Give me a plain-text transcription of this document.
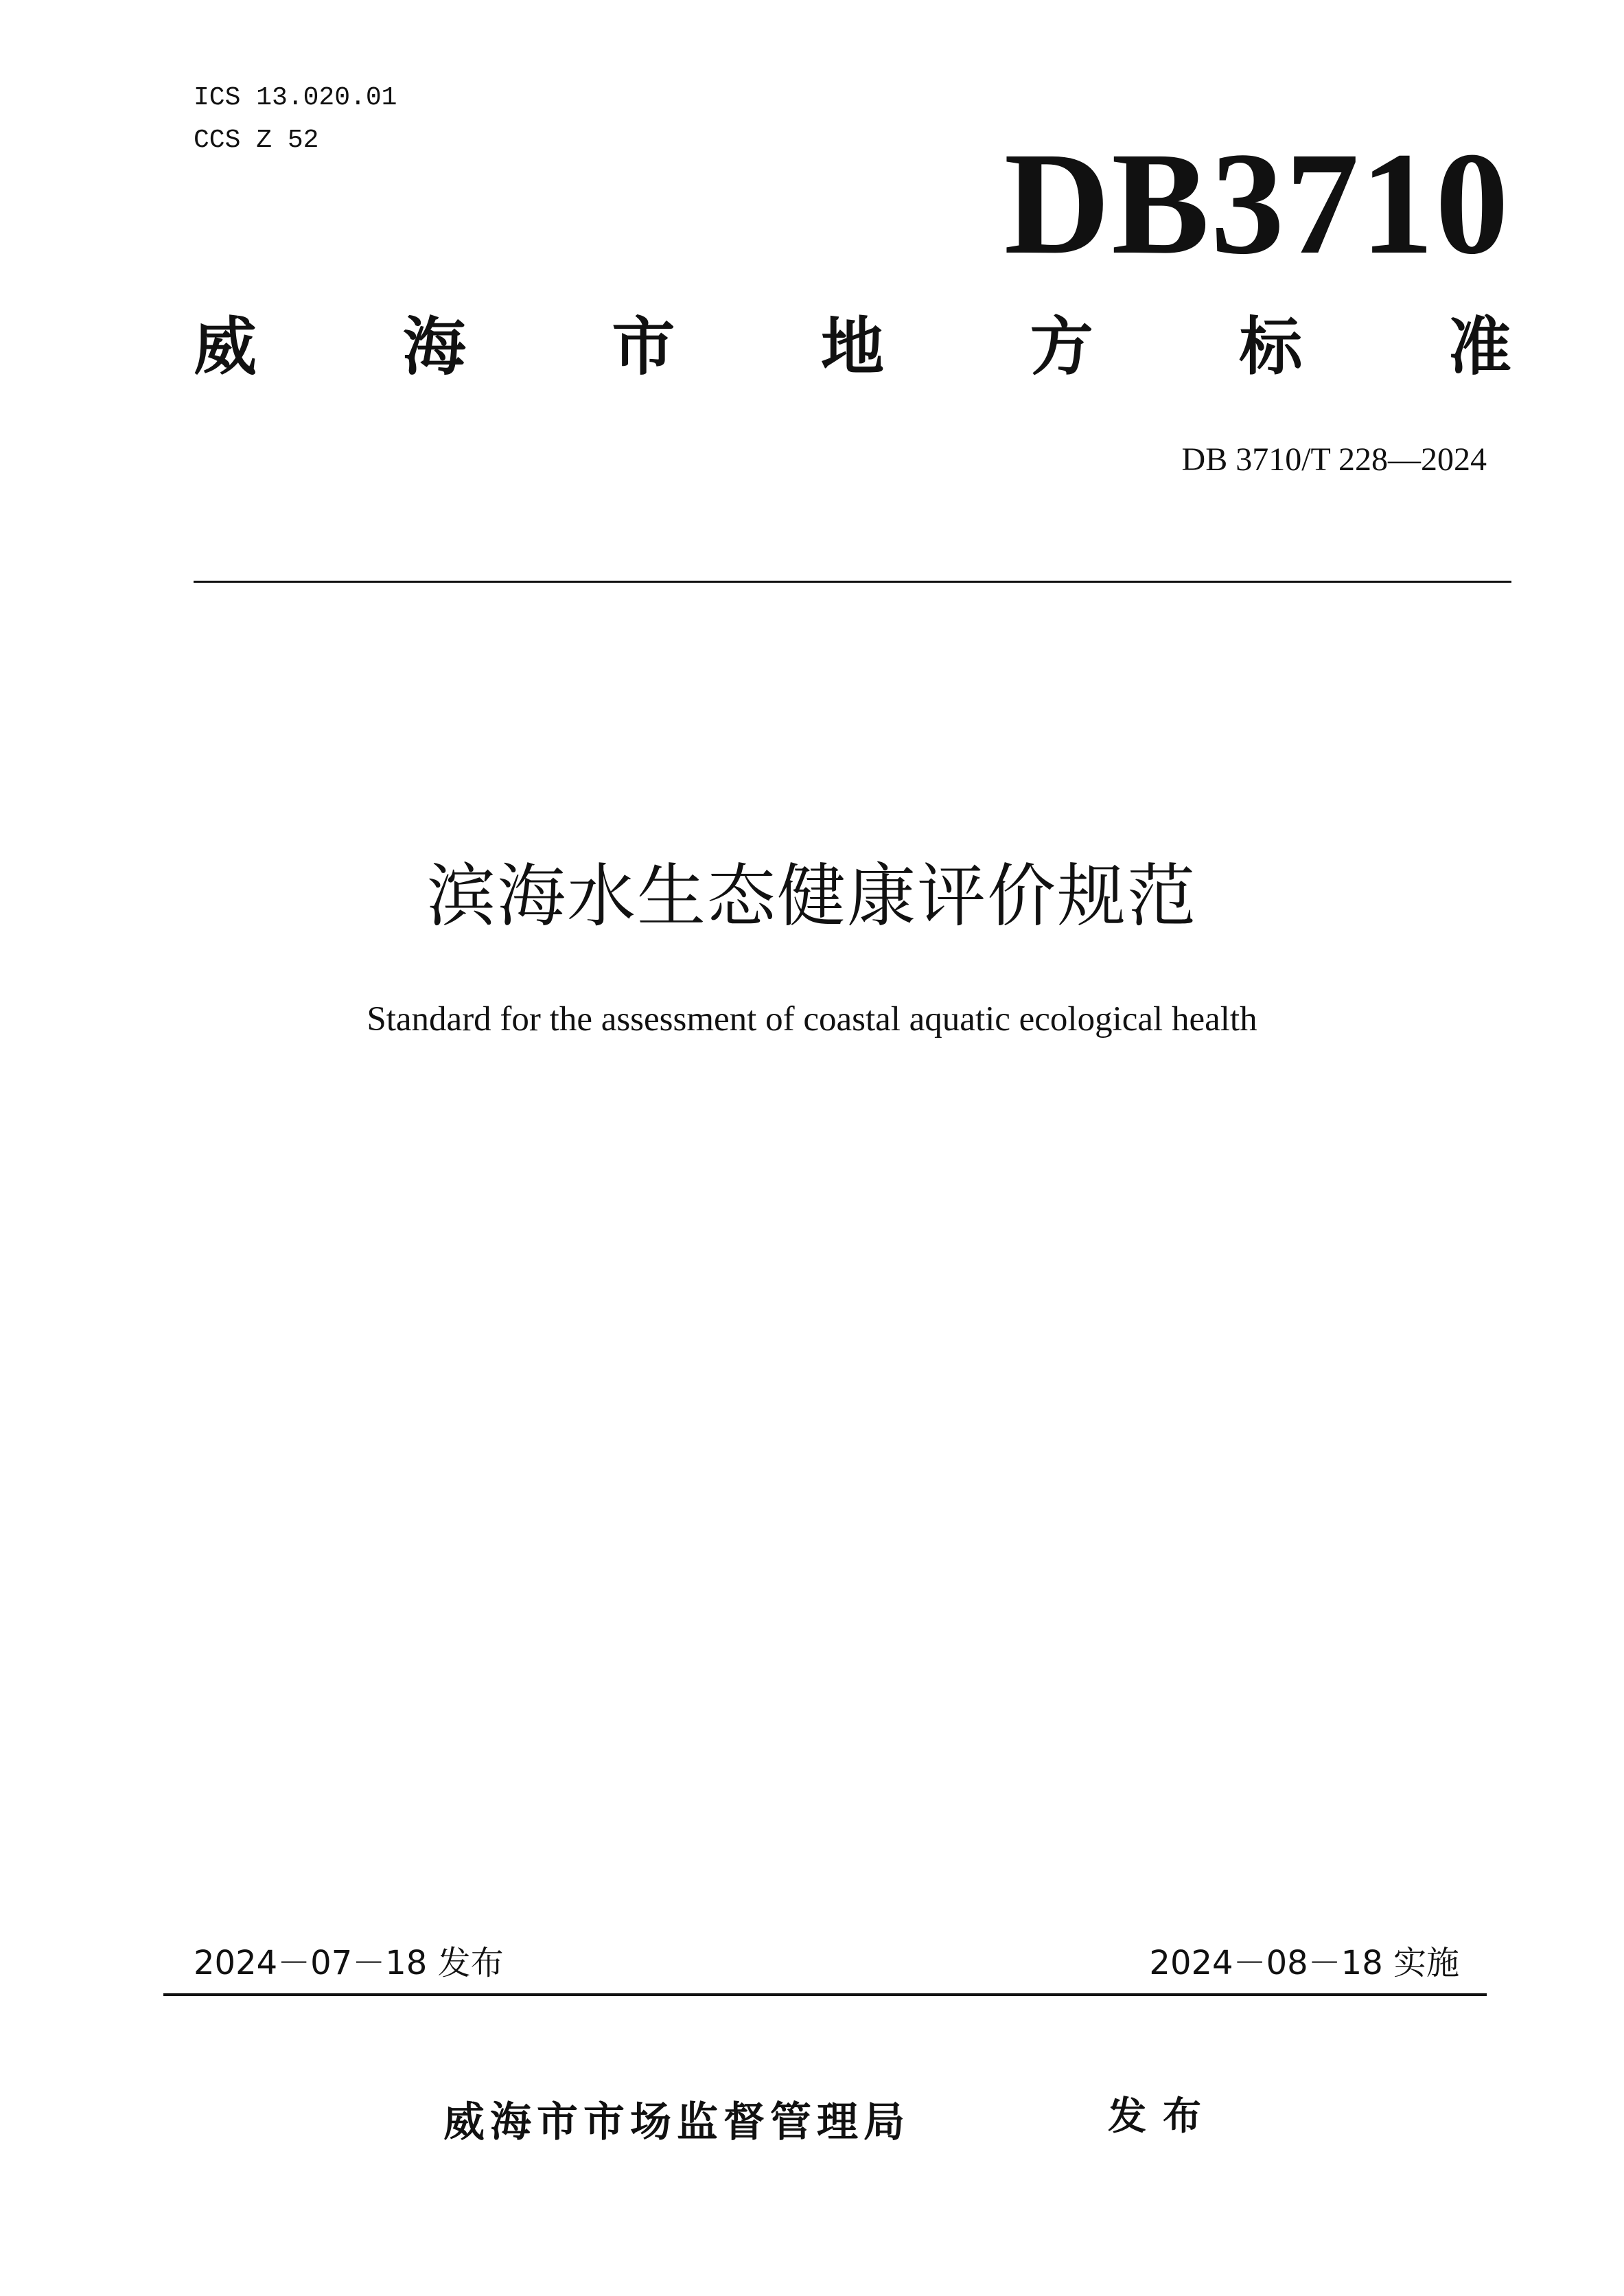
ICS 13.020.01
CCS Z 52	DB3710
威 海 市 地 方 标 准
DB 3710/T 228—2024
滨海水生态健康评价规范
Standard for the assessment of coastal aquatic ecological health
2024－07－18 发布	2024－08－18 实施
威海市市场监督管理局	发布
